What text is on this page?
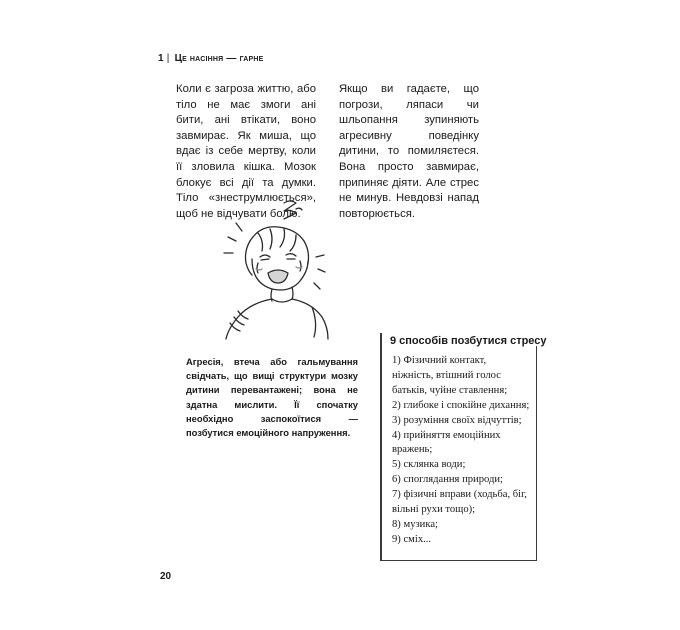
1 | Це насіння — гарне

Коли є загроза життю, або тіло не має змоги ані бити, ані втікати, воно завмирає. Як миша, що вдає із себе мертву, коли її зловила кішка. Мозок блокує всі дії та думки. Тіло «знеструмлюється», щоб не відчувати болю.

Якщо ви гадаєте, що погрози, ляпаси чи шльопання зупиняють агресивну поведінку дитини, то помиляєтеся. Вона просто завмирає, припиняє діяти. Але стрес не минув. Невдовзі напад повторюється.

Агресія, втеча або гальмування свідчать, що вищі структури мозку дитини перевантажені; вона не здатна мислити. Її спочатку необхідно заспокоїтися — позбутися емоційного напруження.
9 способів позбутися стресу
1) Фізичний контакт, ніжність, втішний голос батьків, чуйне ставлення;
2) глибоке і спокійне дихання;
3) розуміння своїх відчуттів;
4) прийняття емоційних вражень;
5) склянка води;
6) споглядання природи;
7) фізичні вправи (ходьба, біг, вільні рухи тощо);
8) музика;
9) сміх...
20
